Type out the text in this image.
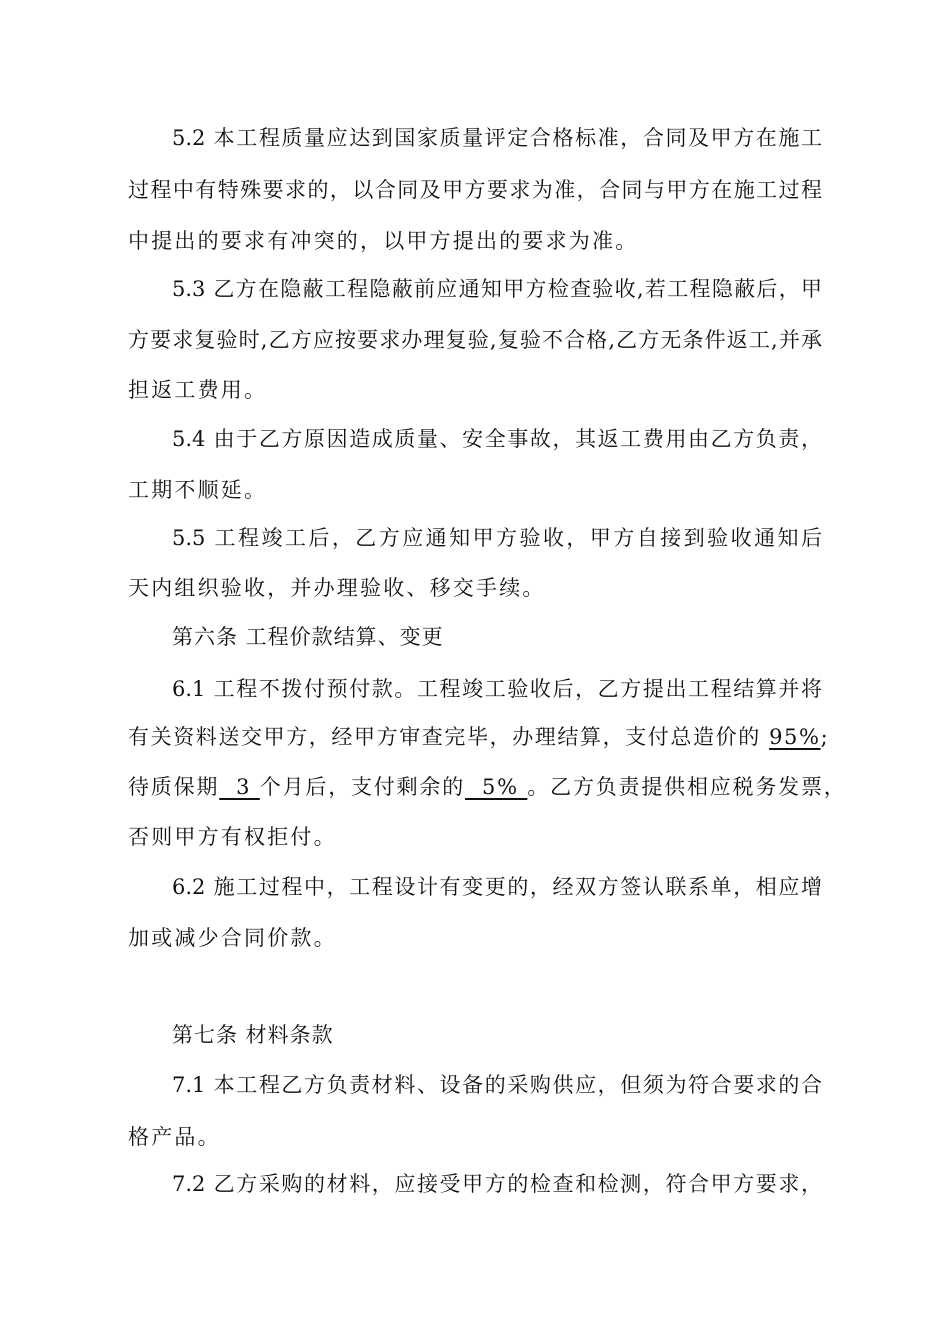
5.2 本工程质量应达到国家质量评定合格标准，合同及甲方在施工
过程中有特殊要求的，以合同及甲方要求为准，合同与甲方在施工过程
中提出的要求有冲突的，以甲方提出的要求为准。
5.3 乙方在隐蔽工程隐蔽前应通知甲方检查验收,若工程隐蔽后，甲
方要求复验时,乙方应按要求办理复验,复验不合格,乙方无条件返工,并承
担返工费用。
5.4 由于乙方原因造成质量、安全事故，其返工费用由乙方负责，
工期不顺延。
5.5 工程竣工后，乙方应通知甲方验收，甲方自接到验收通知后
天内组织验收，并办理验收、移交手续。
第六条 工程价款结算、变更
6.1 工程不拨付预付款。工程竣工验收后，乙方提出工程结算并将
有关资料送交甲方，经甲方审查完毕，办理结算，支付总造价的 95%;
待质保期  3 个月后，支付剩余的  5% 。乙方负责提供相应税务发票，
否则甲方有权拒付。
6.2 施工过程中，工程设计有变更的，经双方签认联系单，相应增
加或减少合同价款。
第七条 材料条款
7.1 本工程乙方负责材料、设备的采购供应，但须为符合要求的合
格产品。
7.2 乙方采购的材料，应接受甲方的检查和检测，符合甲方要求，
